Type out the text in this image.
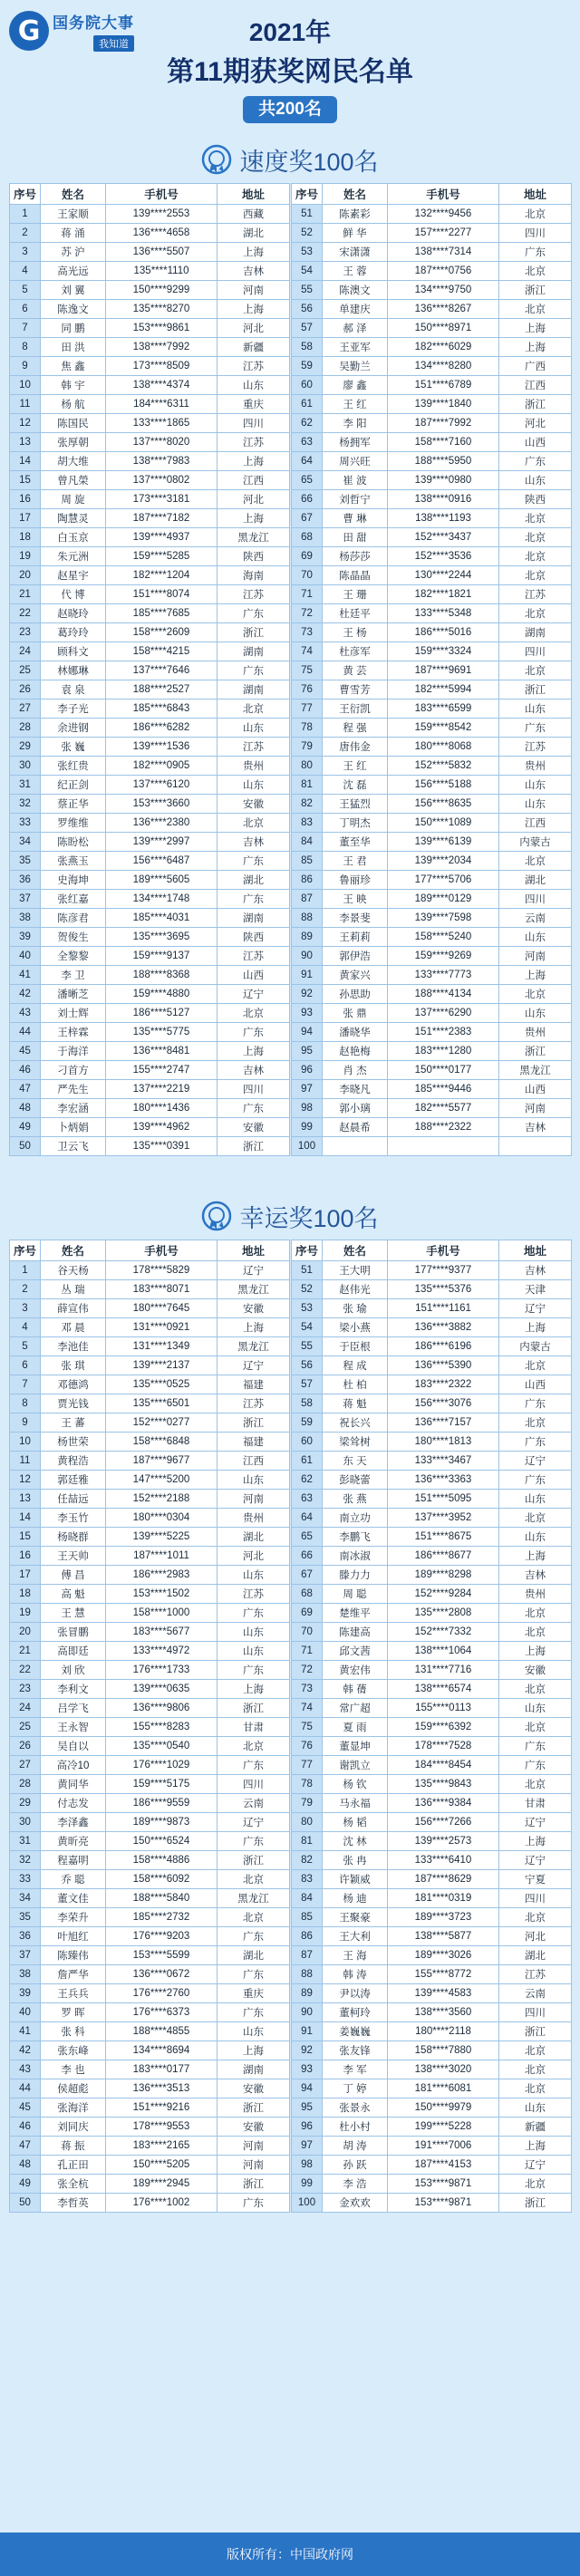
G 国务院大事
我知道	2021年
第11期获奖网民名单
共200名
速度奖100名
序号	姓名	手机号	地址
1	王家顺	139****2553	西藏
2	蒋 涌	136****4658	湖北
3	苏 沪	136****5507	上海
4	高光远	135****1110	吉林
5	刘 翼	150****9299	河南
6	陈逸文	135****8270	上海
7	同 鹏	153****9861	河北
8	田 洪	138****7992	新疆
9	焦 鑫	173****8509	江苏
10	韩 宇	138****4374	山东
11	杨 航	184****6311	重庆
12	陈国民	133****1865	四川
13	张厚朝	137****8020	江苏
14	胡大维	138****7983	上海
15	曾凡榮	137****0802	江西
16	周 旋	173****3181	河北
17	陶慧灵	187****7182	上海
18	白玉京	139****4937	黑龙江
19	朱元洲	159****5285	陕西
20	赵星宇	182****1204	海南
21	代 博	151****8074	江苏
22	赵晓玲	185****7685	广东
23	葛玲玲	158****2609	浙江
24	顾科文	158****4215	湖南
25	林娜琳	137****7646	广东
26	袁 泉	188****2527	湖南
27	李子光	185****6843	北京
28	余进钢	186****6282	山东
29	张 巍	139****1536	江苏
30	张红贵	182****0905	贵州
31	纪正剑	137****6120	山东
32	蔡正华	153****3660	安徽
33	罗维维	136****2380	北京
34	陈盼松	139****2997	吉林
35	张燕玉	156****6487	广东
36	史海坤	189****5605	湖北
37	张红嘉	134****1748	广东
38	陈彦君	185****4031	湖南
39	贺俊生	135****3695	陕西
40	全黎黎	159****9137	江苏
41	李 卫	188****8368	山西
42	潘晰芝	159****4880	辽宁
43	刘士辉	186****5127	北京
44	王梓霖	135****5775	广东
45	于海洋	136****8481	上海
46	刁首方	155****2747	吉林
47	严先生	137****2219	四川
48	李宏涵	180****1436	广东
49	卜炳娟	139****4962	安徽
50	卫云飞	135****0391	浙江
序号	姓名	手机号	地址
51	陈素彩	132****9456	北京
52	鲜 华	157****2277	四川
53	宋潇潇	138****7314	广东
54	王 蓉	187****0756	北京
55	陈澳文	134****9750	浙江
56	单建庆	136****8267	北京
57	郝 泽	150****8971	上海
58	王亚军	182****6029	上海
59	吴勤兰	134****8280	广西
60	廖 鑫	151****6789	江西
61	王 红	139****1840	浙江
62	李 阳	187****7992	河北
63	杨拥军	158****7160	山西
64	周兴旺	188****5950	广东
65	崔 波	139****0980	山东
66	刘哲宁	138****0916	陕西
67	曹 琳	138****1193	北京
68	田 甜	152****3437	北京
69	杨莎莎	152****3536	北京
70	陈晶晶	130****2244	北京
71	王 珊	182****1821	江苏
72	杜廷平	133****5348	北京
73	王 杨	186****5016	湖南
74	杜彦军	159****3324	四川
75	黄 芸	187****9691	北京
76	曹雪芳	182****5994	浙江
77	王衍凯	183****6599	山东
78	程 强	159****8542	广东
79	唐伟金	180****8068	江苏
80	王 红	152****5832	贵州
81	沈 磊	156****5188	山东
82	王猛烈	156****8635	山东
83	丁明杰	150****1089	江西
84	董至华	139****6139	内蒙古
85	王 君	139****2034	北京
86	鲁丽珍	177****5706	湖北
87	王 映	189****0129	四川
88	李景斐	139****7598	云南
89	王莉莉	158****5240	山东
90	郭伊浩	159****9269	河南
91	黄家兴	133****7773	上海
92	孙思助	188****4134	北京
93	张 鼎	137****6290	山东
94	潘晓华	151****2383	贵州
95	赵艳梅	183****1280	浙江
96	肖 杰	150****0177	黑龙江
97	李晓凡	185****9446	山西
98	郭小璃	182****5577	河南
99	赵晨希	188****2322	吉林
100			
幸运奖100名
序号	姓名	手机号	地址
1	谷天杨	178****5829	辽宁
2	丛 瑞	183****8071	黑龙江
3	薛宣伟	180****7645	安徽
4	邓 晨	131****0921	上海
5	李池佳	131****1349	黑龙江
6	张 琪	139****2137	辽宁
7	邓德鸿	135****0525	福建
8	贾光钱	135****6501	江苏
9	王 蕃	152****0277	浙江
10	杨世荣	158****6848	福建
11	黄程浩	187****9677	江西
12	郭廷雅	147****5200	山东
13	任喆远	152****2188	河南
14	李玉竹	180****0304	贵州
15	杨晓群	139****5225	湖北
16	王天帅	187****1011	河北
17	傅 昌	186****2983	山东
18	高 魁	153****1502	江苏
19	王 慧	158****1000	广东
20	张冒鹏	183****5677	山东
21	高即廷	133****4972	山东
22	刘 欣	176****1733	广东
23	李利文	139****0635	上海
24	吕学飞	136****9806	浙江
25	王永智	155****8283	甘肃
26	吴自以	135****0540	北京
27	高冷10	176****1029	广东
28	黄同华	159****5175	四川
29	付志发	186****9559	云南
30	李泽鑫	189****9873	辽宁
31	黄昕亮	150****6524	广东
32	程嘉明	158****4886	浙江
33	乔 聪	158****6092	北京
34	董文佳	188****5840	黑龙江
35	李荣升	185****2732	北京
36	叶旭红	176****9203	广东
37	陈臻伟	153****5599	湖北
38	詹严华	136****0672	广东
39	王兵兵	176****2760	重庆
40	罗 晖	176****6373	广东
41	张 科	188****4855	山东
42	张东峰	134****8694	上海
43	李 也	183****0177	湖南
44	侯超彪	136****3513	安徽
45	张海洋	151****9216	浙江
46	刘同庆	178****9553	安徽
47	蒋 振	183****2165	河南
48	孔正田	150****5205	河南
49	张全杭	189****2945	浙江
50	李哲英	176****1002	广东
序号	姓名	手机号	地址
51	王大明	177****9377	吉林
52	赵伟光	135****5376	天津
53	张 瑜	151****1161	辽宁
54	梁小燕	136****3882	上海
55	于臣根	186****6196	内蒙古
56	程 成	136****5390	北京
57	杜 柏	183****2322	山西
58	蒋 魁	156****3076	广东
59	祝长兴	136****7157	北京
60	梁耸树	180****1813	广东
61	东 天	133****3467	辽宁
62	彭晓蕾	136****3363	广东
63	张 燕	151****5095	山东
64	南立功	137****3952	北京
65	李鹏飞	151****8675	山东
66	南冰淑	186****8677	上海
67	滕力力	189****8298	吉林
68	周 聪	152****9284	贵州
69	楚维平	135****2808	北京
70	陈建高	152****7332	北京
71	邱文茜	138****1064	上海
72	黄宏伟	131****7716	安徽
73	韩 蒨	138****6574	北京
74	常广超	155****0113	山东
75	夏 雨	159****6392	北京
76	董显坤	178****7528	广东
77	谢凯立	184****8454	广东
78	杨 钦	135****9843	北京
79	马永福	136****9384	甘肃
80	杨 韬	156****7266	辽宁
81	沈 林	139****2573	上海
82	张 冉	133****6410	辽宁
83	许颖威	187****8629	宁夏
84	杨 迪	181****0319	四川
85	王聚豪	189****3723	北京
86	王大利	138****5877	河北
87	王 海	189****3026	湖北
88	韩 涛	155****8772	江苏
89	尹以涛	139****4583	云南
90	董柯玲	138****3560	四川
91	姜巍巍	180****2118	浙江
92	张友锋	158****7880	北京
93	李 军	138****3020	北京
94	丁 婷	181****6081	北京
95	张景永	150****9979	山东
96	杜小村	199****5228	新疆
97	胡 涛	191****7006	上海
98	孙 跃	187****4153	辽宁
99	李 浩	153****9871	北京
100	金欢欢	153****9871	浙江
版权所有：中国政府网
